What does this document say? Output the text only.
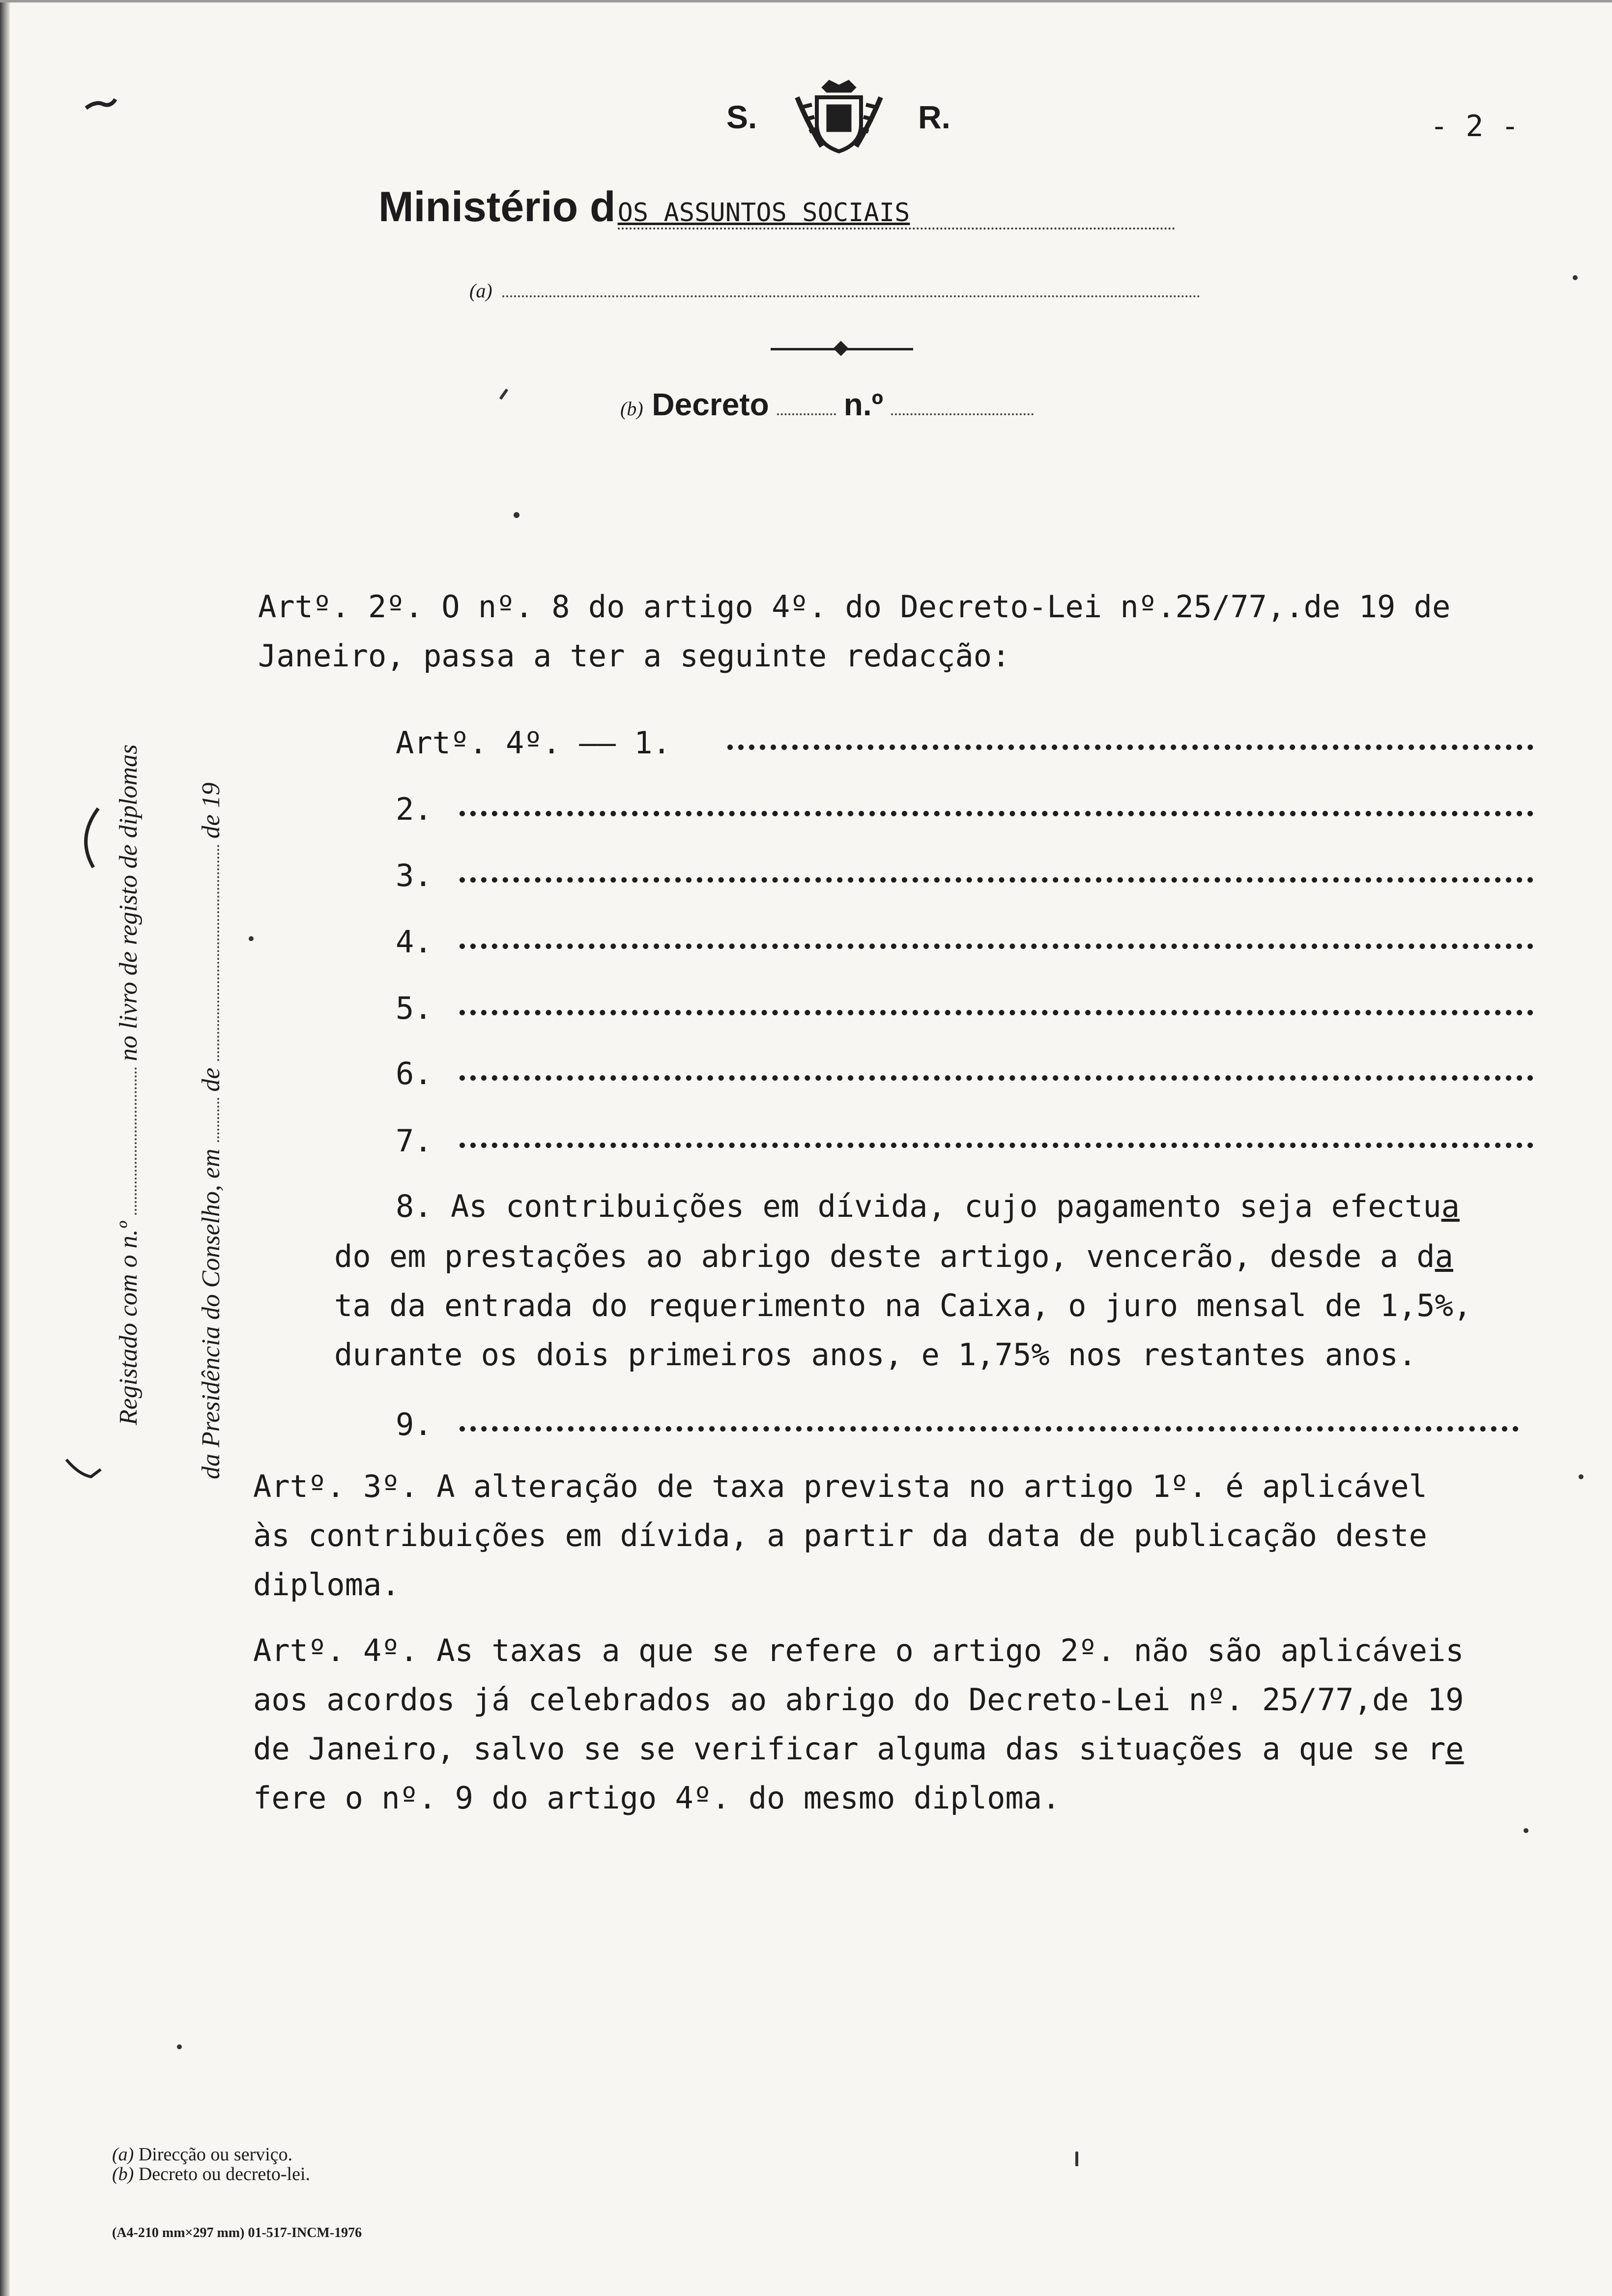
S.	R.	- 2 -
Ministério dOS ASSUNTOS SOCIAIS
(a)
(b) Decreto n.º
Registado com o n.º  no livro de registo de diplomas
da Presidência do Conselho, em  de  de 19
Artº. 2º. O nº. 8 do artigo 4º. do Decreto-Lei nº.25/77,.de 19 de
Janeiro, passa a ter a seguinte redacção:
Artº. 4º. —— 1.
2.
3.
4.
5.
6.
7.
8. As contribuições em dívida, cujo pagamento seja efectua
do em prestações ao abrigo deste artigo, vencerão, desde a da
ta da entrada do requerimento na Caixa, o juro mensal de 1,5%,
durante os dois primeiros anos, e 1,75% nos restantes anos.
9.
Artº. 3º. A alteração de taxa prevista no artigo 1º. é aplicável
às contribuições em dívida, a partir da data de publicação deste
diploma.
Artº. 4º. As taxas a que se refere o artigo 2º. não são aplicáveis
aos acordos já celebrados ao abrigo do Decreto-Lei nº. 25/77,de 19
de Janeiro, salvo se se verificar alguma das situações a que se re
fere o nº. 9 do artigo 4º. do mesmo diploma.
(a) Direcção ou serviço.
(b) Decreto ou decreto-lei.
(A4-210 mm×297 mm) 01-517-INCM-1976
